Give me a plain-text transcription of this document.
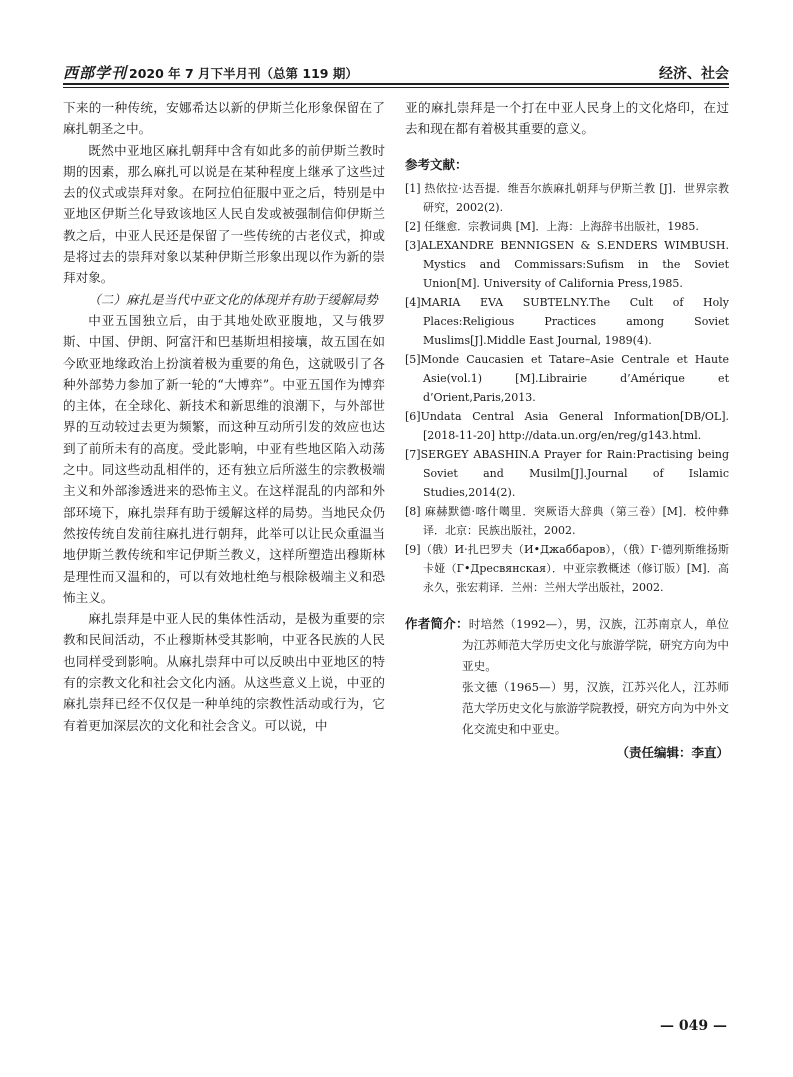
西部学刊 2020 年 7 月下半月刊（总第 119 期）	经济、社会

下来的一种传统，安娜希达以新的伊斯兰化形象保留在了麻扎朝圣之中。

既然中亚地区麻扎朝拜中含有如此多的前伊斯兰教时期的因素，那么麻扎可以说是在某种程度上继承了这些过去的仪式或崇拜对象。在阿拉伯征服中亚之后，特别是中亚地区伊斯兰化导致该地区人民自发或被强制信仰伊斯兰教之后，中亚人民还是保留了一些传统的古老仪式，抑或是将过去的崇拜对象以某种伊斯兰形象出现以作为新的崇拜对象。

（二）麻扎是当代中亚文化的体现并有助于缓解局势

中亚五国独立后，由于其地处欧亚腹地，又与俄罗斯、中国、伊朗、阿富汗和巴基斯坦相接壤，故五国在如今欧亚地缘政治上扮演着极为重要的角色，这就吸引了各种外部势力参加了新一轮的“大博弈”。中亚五国作为博弈的主体，在全球化、新技术和新思维的浪潮下，与外部世界的互动较过去更为频繁，而这种互动所引发的效应也达到了前所未有的高度。受此影响，中亚有些地区陷入动荡之中。同这些动乱相伴的，还有独立后所滋生的宗教极端主义和外部渗透进来的恐怖主义。在这样混乱的内部和外部环境下，麻扎崇拜有助于缓解这样的局势。当地民众仍然按传统自发前往麻扎进行朝拜，此举可以让民众重温当地伊斯兰教传统和牢记伊斯兰教义，这样所塑造出穆斯林是理性而又温和的，可以有效地杜绝与根除极端主义和恐怖主义。

麻扎崇拜是中亚人民的集体性活动，是极为重要的宗教和民间活动，不止穆斯林受其影响，中亚各民族的人民也同样受到影响。从麻扎崇拜中可以反映出中亚地区的特有的宗教文化和社会文化内涵。从这些意义上说，中亚的麻扎崇拜已经不仅仅是一种单纯的宗教性活动或行为，它有着更加深层次的文化和社会含义。可以说，中

亚的麻扎崇拜是一个打在中亚人民身上的文化烙印，在过去和现在都有着极其重要的意义。

参考文献：

[1] 热依拉·达吾提．维吾尔族麻扎朝拜与伊斯兰教 [J]．世界宗教研究，2002(2).

[2] 任继愈．宗教词典 [M]．上海：上海辞书出版社，1985.

[3]ALEXANDRE BENNIGSEN & S.ENDERS WIMBUSH. Mystics and Commissars:Sufism in the Soviet Union[M]. University of California Press,1985.

[4]MARIA EVA SUBTELNY.The Cult of Holy Places:Religious Practices among Soviet Muslims[J].Middle East Journal, 1989(4).

[5]Monde Caucasien et Tatare–Asie Centrale et Haute Asie(vol.1) [M].Librairie d’Amérique et d’Orient,Paris,2013.

[6]Undata Central Asia General Information[DB/OL].[2018-11-20] http://data.un.org/en/reg/g143.html.

[7]SERGEY ABASHIN.A Prayer for Rain:Practising being Soviet and Musilm[J].Journal of Islamic Studies,2014(2).

[8] 麻赫默德·喀什噶里．突厥语大辞典（第三卷）[M]．校仲彝译．北京：民族出版社，2002.

[9]（俄）И·扎巴罗夫（И•Джаббаров），（俄）Г·德列斯维扬斯卡娅（Г•Дресвянская）．中亚宗教概述（修订版）[M]．高永久，张宏莉译．兰州：兰州大学出版社，2002.

作者简介：时培然（1992—），男，汉族，江苏南京人，单位为江苏师范大学历史文化与旅游学院，研究方向为中亚史。

张文德（1965—）男，汉族，江苏兴化人，江苏师范大学历史文化与旅游学院教授，研究方向为中外文化交流史和中亚史。

（责任编辑：李直）
— 049 —
